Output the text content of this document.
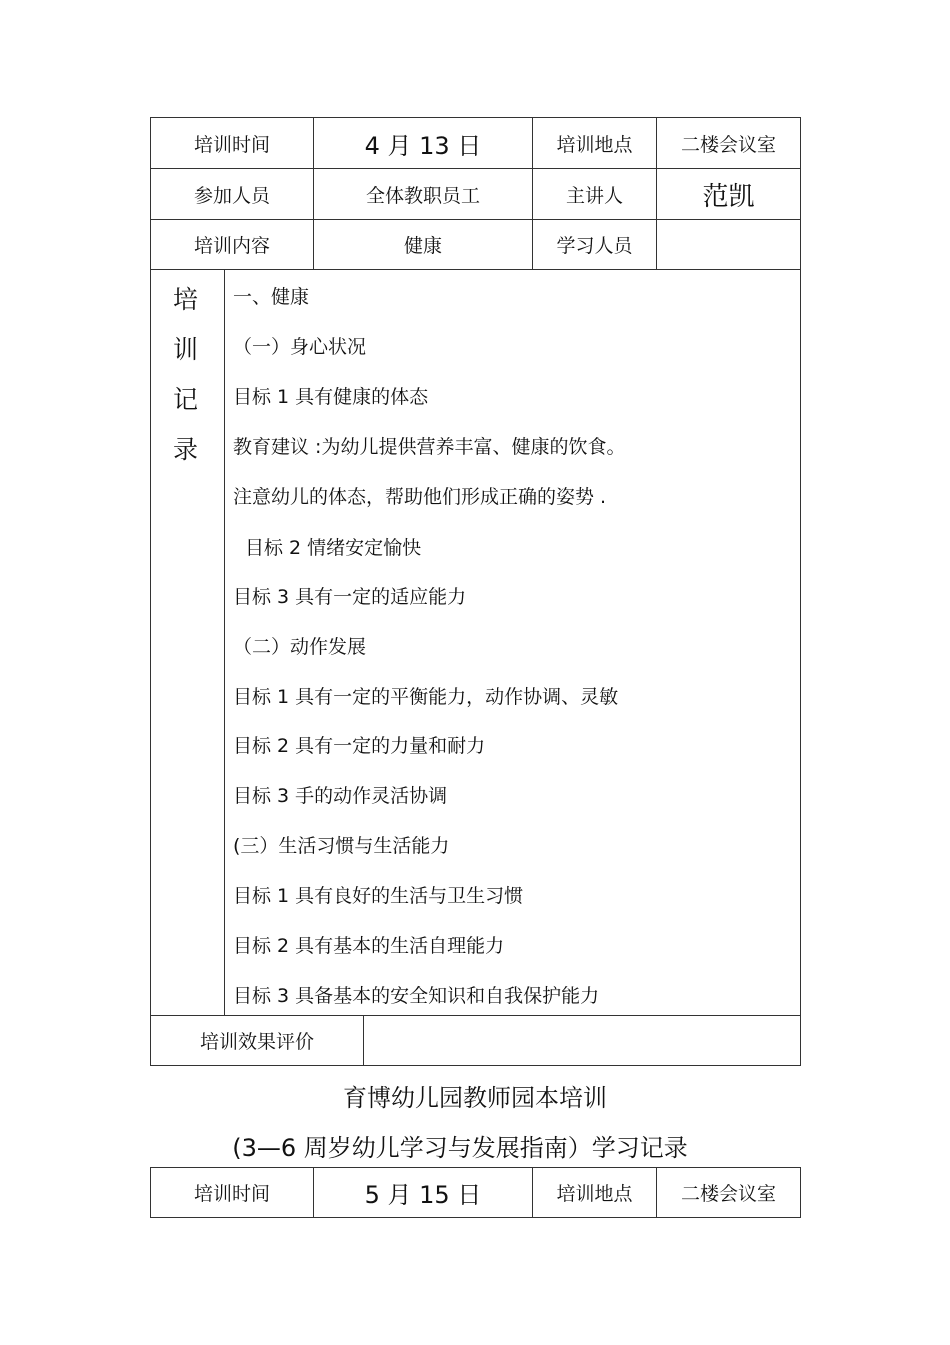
培训时间	4 月 13 日	培训地点	二楼会议室
参加人员	全体教职员工	主讲人	范凯
培训内容	健康	学习人员
培
训
记
录
一、健康
（一）身心状况
目标 1 具有健康的体态
教育建议 :为幼儿提供营养丰富、健康的饮食。
注意幼儿的体态，帮助他们形成正确的姿势 .
目标 2 情绪安定愉快
目标 3 具有一定的适应能力
（二）动作发展
目标 1 具有一定的平衡能力，动作协调、灵敏
目标 2 具有一定的力量和耐力
目标 3 手的动作灵活协调
(三）生活习惯与生活能力
目标 1 具有良好的生活与卫生习惯
目标 2 具有基本的生活自理能力
目标 3 具备基本的安全知识和自我保护能力
培训效果评价
育博幼儿园教师园本培训
(3—6 周岁幼儿学习与发展指南）学习记录
培训时间	5 月 15 日	培训地点	二楼会议室
